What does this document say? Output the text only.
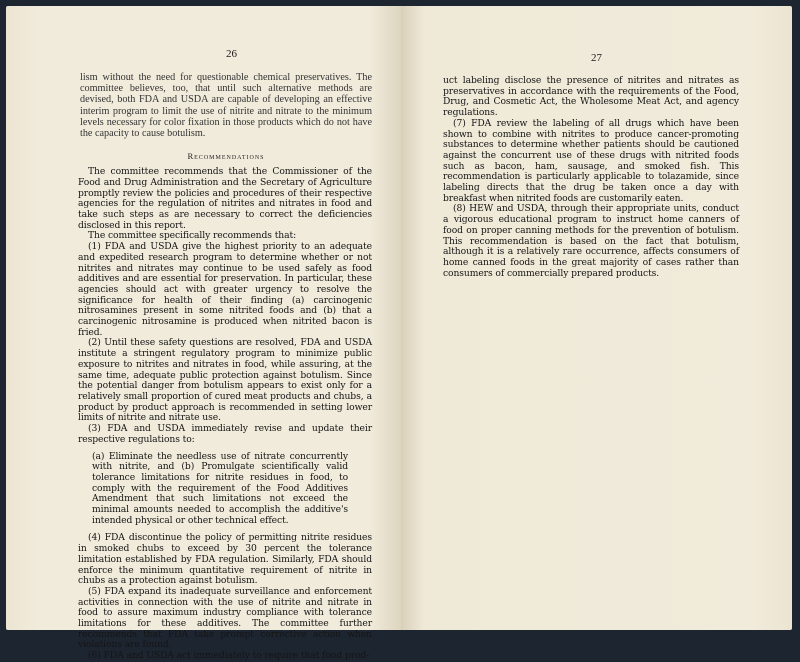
26

lism without the need for questionable chemical preservatives. The committee believes, too, that until such alternative methods are devised, both FDA and USDA are capable of developing an effective interim program to limit the use of nitrite and nitrate to the minimum levels necessary for color fixation in those products which do not have the capacity to cause botulism.

Recommendations

The committee recommends that the Commissioner of the Food and Drug Administration and the Secretary of Agriculture promptly review the policies and procedures of their respective agencies for the regulation of nitrites and nitrates in food and take such steps as are necessary to correct the deficiencies disclosed in this report.

The committee specifically recommends that:

(1) FDA and USDA give the highest priority to an adequate and expedited research program to determine whether or not nitrites and nitrates may continue to be used safely as food additives and are essential for preservation. In particular, these agencies should act with greater urgency to resolve the significance for health of their finding (a) carcinogenic nitrosamines present in some nitrited foods and (b) that a carcinogenic nitrosamine is produced when nitrited bacon is fried.

(2) Until these safety questions are resolved, FDA and USDA institute a stringent regulatory program to minimize public exposure to nitrites and nitrates in food, while assuring, at the same time, adequate public protection against botulism. Since the potential danger from botulism appears to exist only for a relatively small proportion of cured meat products and chubs, a product by product approach is recommended in setting lower limits of nitrite and nitrate use.

(3) FDA and USDA immediately revise and update their respective regulations to:

(a) Eliminate the needless use of nitrate concurrently with nitrite, and (b) Promulgate scientifically valid tolerance limitations for nitrite residues in food, to comply with the requirement of the Food Additives Amendment that such limitations not exceed the minimal amounts needed to accomplish the additive's intended physical or other technical effect.

(4) FDA discontinue the policy of permitting nitrite residues in smoked chubs to exceed by 30 percent the tolerance limitation established by FDA regulation. Similarly, FDA should enforce the minimum quantitative requirement of nitrite in chubs as a protection against botulism.

(5) FDA expand its inadequate surveillance and enforcement activities in connection with the use of nitrite and nitrate in food to assure maximum industry compliance with tolerance limitations for these additives. The committee further recommends that FDA take prompt corrective action when violations are found.

(6) FDA and USDA act immediately to require that food prod-

27

uct labeling disclose the presence of nitrites and nitrates as preservatives in accordance with the requirements of the Food, Drug, and Cosmetic Act, the Wholesome Meat Act, and agency regulations.

(7) FDA review the labeling of all drugs which have been shown to combine with nitrites to produce cancer-promoting substances to determine whether patients should be cautioned against the concurrent use of these drugs with nitrited foods such as bacon, ham, sausage, and smoked fish. This recommendation is particularly applicable to tolazamide, since labeling directs that the drug be taken once a day with breakfast when nitrited foods are customarily eaten.

(8) HEW and USDA, through their appropriate units, conduct a vigorous educational program to instruct home canners of food on proper canning methods for the prevention of botulism. This recommendation is based on the fact that botulism, although it is a relatively rare occurrence, affects consumers of home canned foods in the great majority of cases rather than consumers of commercially prepared products.
